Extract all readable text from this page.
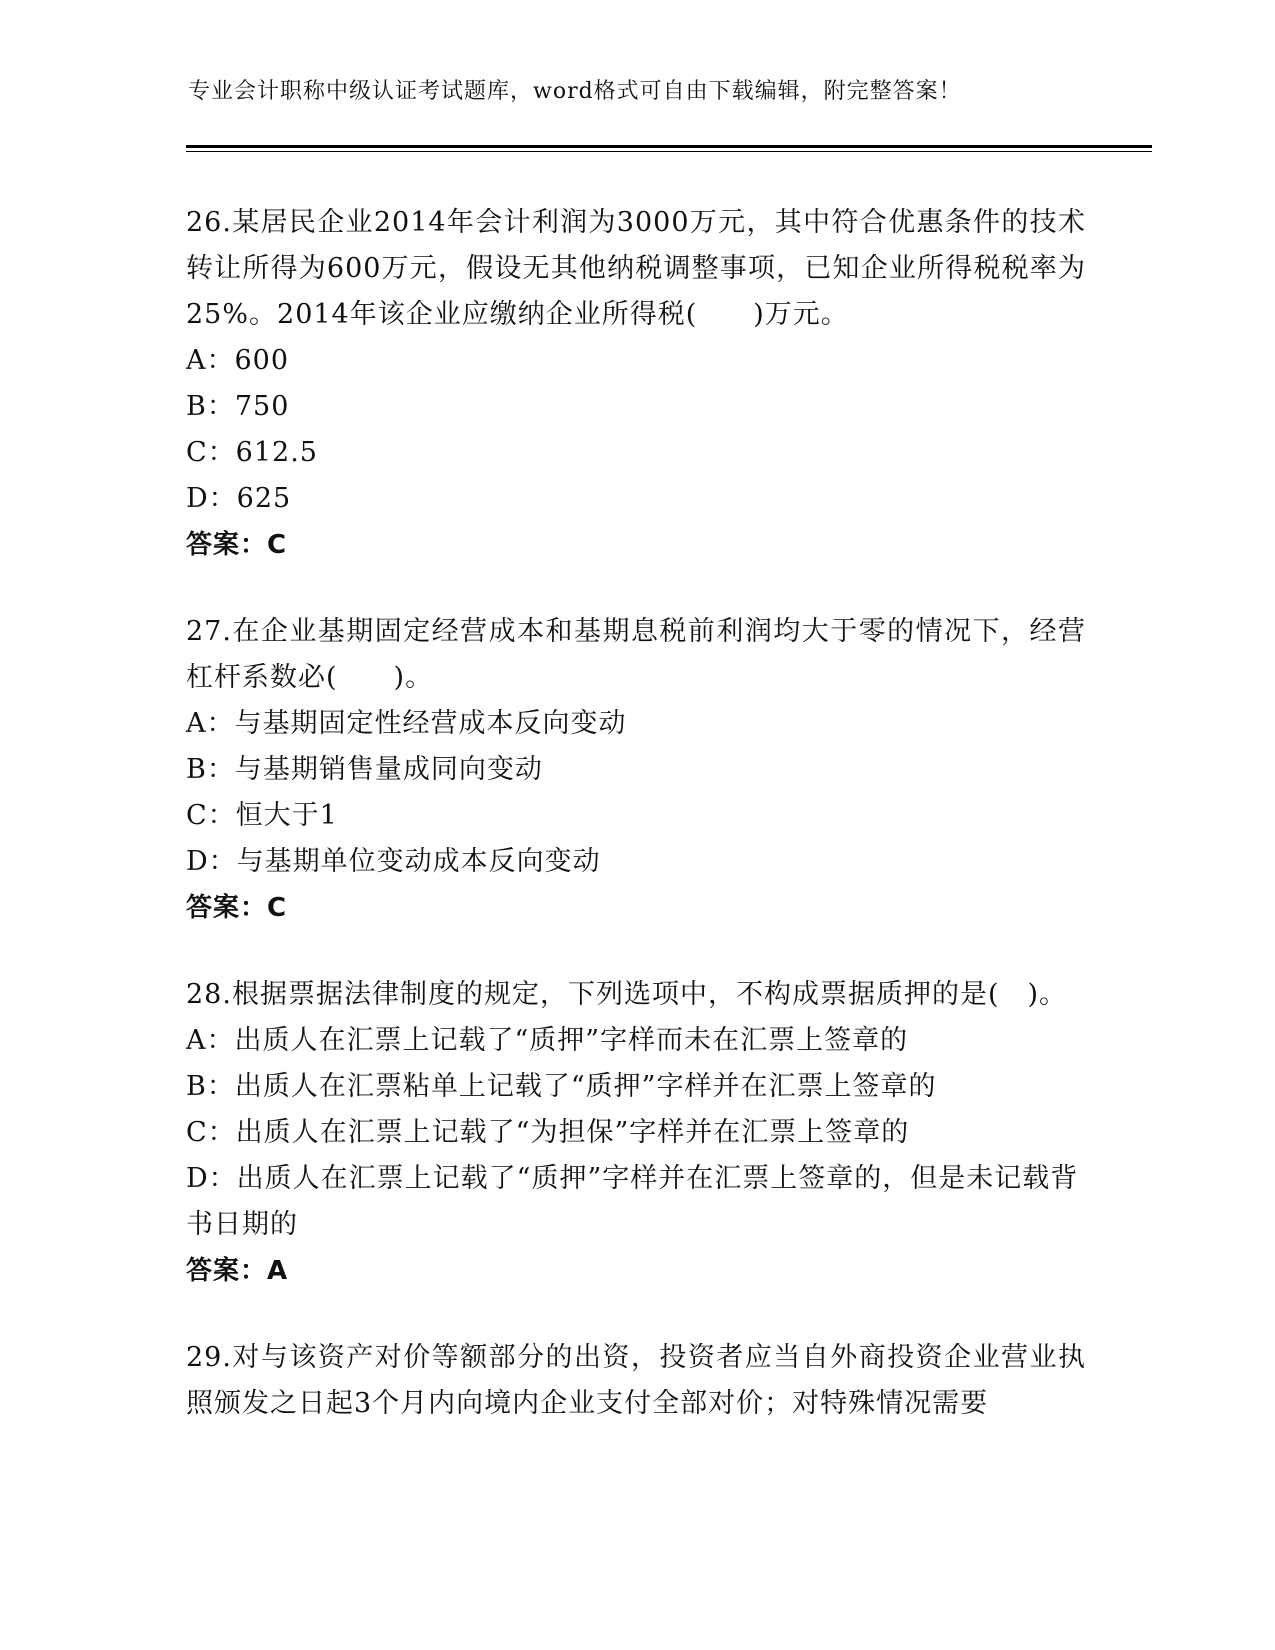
专业会计职称中级认证考试题库，word格式可自由下载编辑，附完整答案！

26.某居民企业2014年会计利润为3000万元，其中符合优惠条件的技术转让所得为600万元，假设无其他纳税调整事项，已知企业所得税税率为25%。2014年该企业应缴纳企业所得税(　　)万元。

A：600

B：750

C：612.5

D：625

答案：C

27.在企业基期固定经营成本和基期息税前利润均大于零的情况下，经营杠杆系数必(　　)。

A：与基期固定性经营成本反向变动

B：与基期销售量成同向变动

C：恒大于1

D：与基期单位变动成本反向变动

答案：C

28.根据票据法律制度的规定，下列选项中，不构成票据质押的是(　)。

A：出质人在汇票上记载了“质押”字样而未在汇票上签章的

B：出质人在汇票粘单上记载了“质押”字样并在汇票上签章的

C：出质人在汇票上记载了“为担保”字样并在汇票上签章的

D：出质人在汇票上记载了“质押”字样并在汇票上签章的，但是未记载背书日期的

答案：A

29.对与该资产对价等额部分的出资，投资者应当自外商投资企业营业执照颁发之日起3个月内向境内企业支付全部对价；对特殊情况需要
